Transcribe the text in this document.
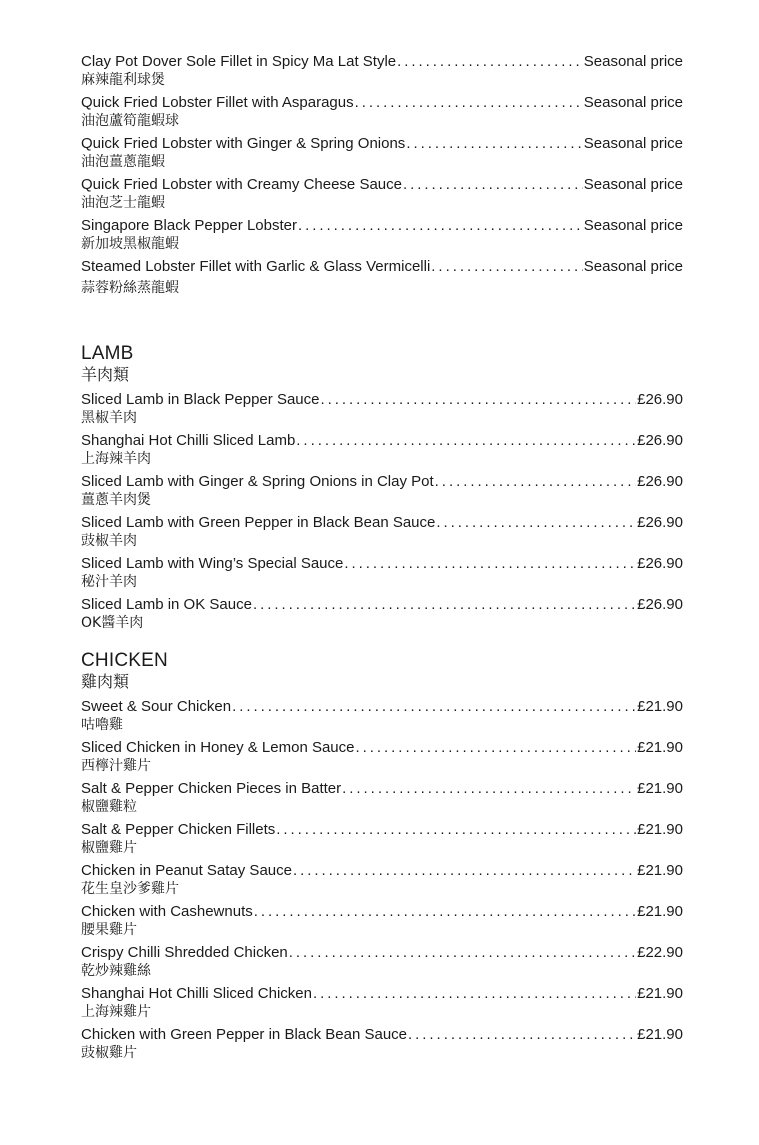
Clay Pot Dover Sole Fillet in Spicy Ma Lat Style . . .	Seasonal price
麻辣龍利球煲
Quick Fried Lobster Fillet with Asparagus . . .	Seasonal price
油泡蘆筍龍蝦球
Quick Fried Lobster with Ginger & Spring Onions . . .	Seasonal price
油泡薑蔥龍蝦
Quick Fried Lobster with Creamy Cheese Sauce . . .	Seasonal price
油泡芝士龍蝦
Singapore Black Pepper Lobster . . .	Seasonal price
新加坡黑椒龍蝦
Steamed Lobster Fillet with Garlic & Glass Vermicelli . . .	Seasonal price
蒜蓉粉絲蒸龍蝦
LAMB
羊肉類
Sliced Lamb in Black Pepper Sauce . . .	£26.90
黑椒羊肉
Shanghai Hot Chilli Sliced Lamb . . .	£26.90
上海辣羊肉
Sliced Lamb with Ginger & Spring Onions in Clay Pot . . .	£26.90
薑蔥羊肉煲
Sliced Lamb with Green Pepper in Black Bean Sauce . . .	£26.90
豉椒羊肉
Sliced Lamb with Wing’s Special Sauce . . .	£26.90
秘汁羊肉
Sliced Lamb in OK Sauce . . .	£26.90
OK醬羊肉
CHICKEN
雞肉類
Sweet & Sour Chicken . . .	£21.90
咕嚕雞
Sliced Chicken in Honey & Lemon Sauce . . .	£21.90
西檸汁雞片
Salt & Pepper Chicken Pieces in Batter . . .	£21.90
椒鹽雞粒
Salt & Pepper Chicken Fillets . . .	£21.90
椒鹽雞片
Chicken in Peanut Satay Sauce . . .	£21.90
花生皇沙爹雞片
Chicken with Cashewnuts . . .	£21.90
腰果雞片
Crispy Chilli Shredded Chicken . . .	£22.90
乾炒辣雞絲
Shanghai Hot Chilli Sliced Chicken . . .	£21.90
上海辣雞片
Chicken with Green Pepper in Black Bean Sauce . . .	£21.90
豉椒雞片
